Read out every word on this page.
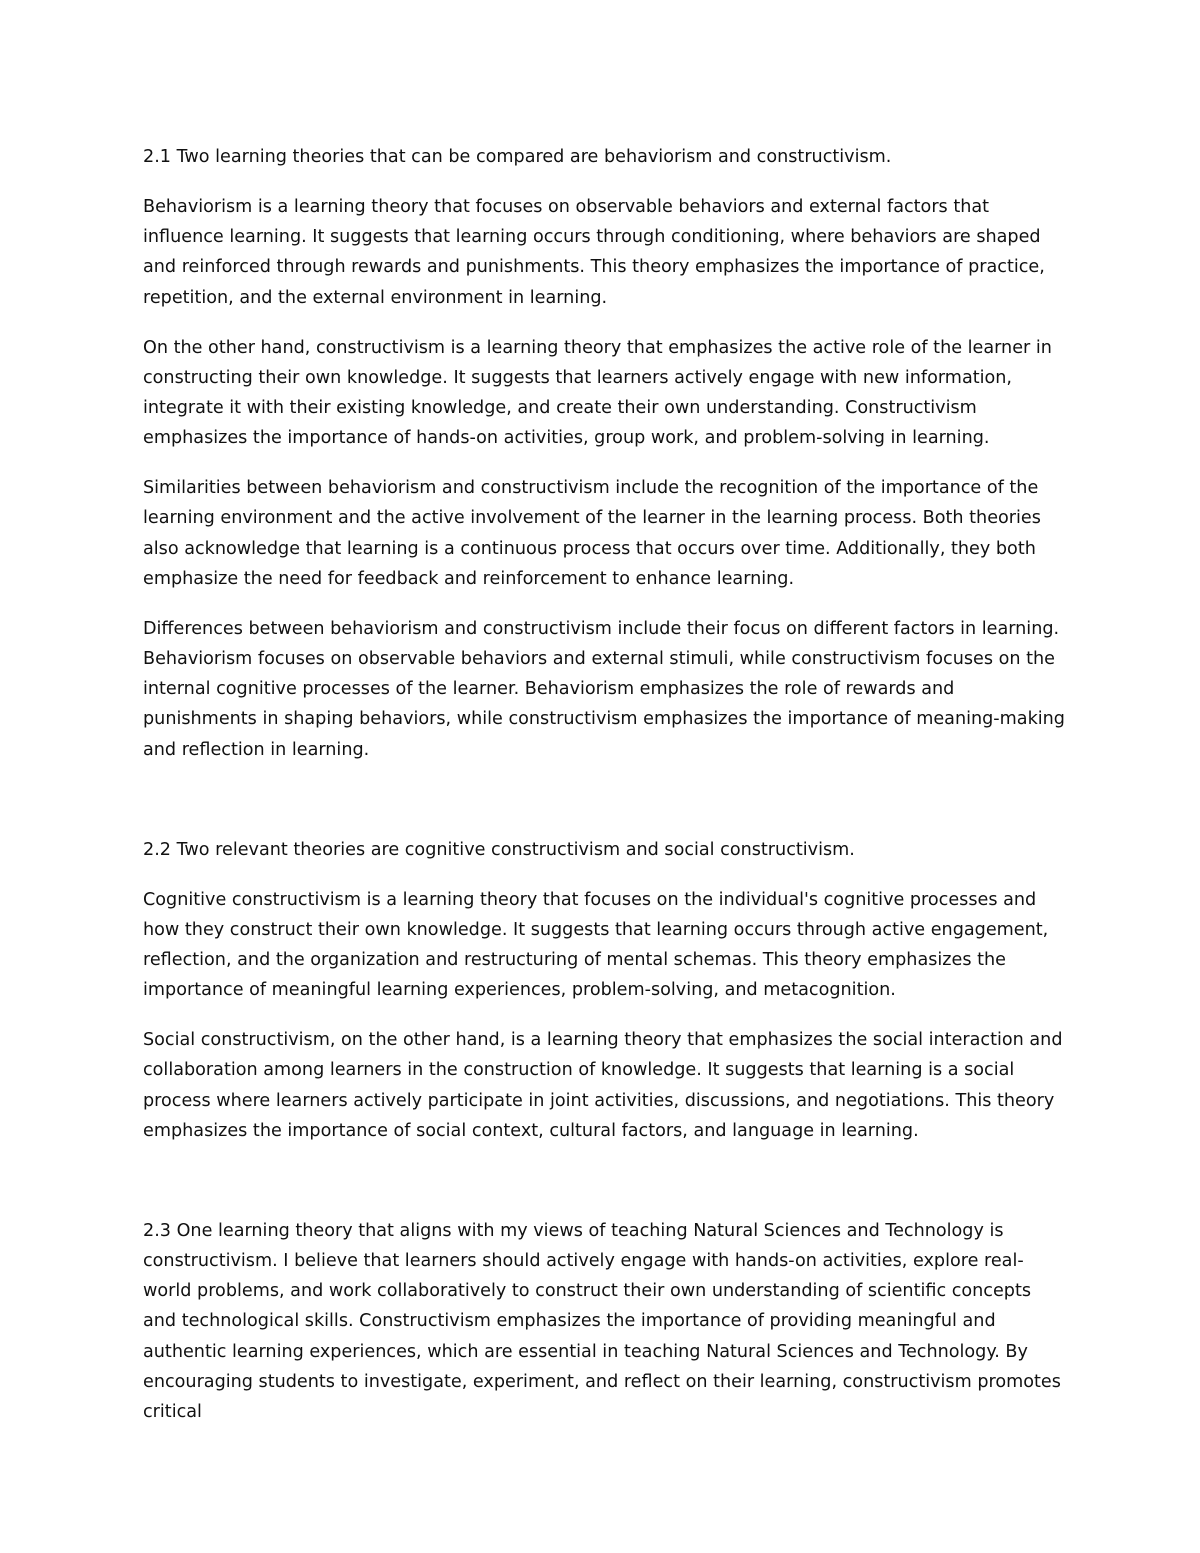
2.1 Two learning theories that can be compared are behaviorism and constructivism.

Behaviorism is a learning theory that focuses on observable behaviors and external factors that influence learning. It suggests that learning occurs through conditioning, where behaviors are shaped and reinforced through rewards and punishments. This theory emphasizes the importance of practice, repetition, and the external environment in learning.

On the other hand, constructivism is a learning theory that emphasizes the active role of the learner in constructing their own knowledge. It suggests that learners actively engage with new information, integrate it with their existing knowledge, and create their own understanding. Constructivism emphasizes the importance of hands-on activities, group work, and problem-solving in learning.

Similarities between behaviorism and constructivism include the recognition of the importance of the learning environment and the active involvement of the learner in the learning process. Both theories also acknowledge that learning is a continuous process that occurs over time. Additionally, they both emphasize the need for feedback and reinforcement to enhance learning.

Differences between behaviorism and constructivism include their focus on different factors in learning. Behaviorism focuses on observable behaviors and external stimuli, while constructivism focuses on the internal cognitive processes of the learner. Behaviorism emphasizes the role of rewards and punishments in shaping behaviors, while constructivism emphasizes the importance of meaning-making and reflection in learning.

2.2 Two relevant theories are cognitive constructivism and social constructivism.

Cognitive constructivism is a learning theory that focuses on the individual's cognitive processes and how they construct their own knowledge. It suggests that learning occurs through active engagement, reflection, and the organization and restructuring of mental schemas. This theory emphasizes the importance of meaningful learning experiences, problem-solving, and metacognition.

Social constructivism, on the other hand, is a learning theory that emphasizes the social interaction and collaboration among learners in the construction of knowledge. It suggests that learning is a social process where learners actively participate in joint activities, discussions, and negotiations. This theory emphasizes the importance of social context, cultural factors, and language in learning.

2.3 One learning theory that aligns with my views of teaching Natural Sciences and Technology is constructivism. I believe that learners should actively engage with hands-on activities, explore real-world problems, and work collaboratively to construct their own understanding of scientific concepts and technological skills. Constructivism emphasizes the importance of providing meaningful and authentic learning experiences, which are essential in teaching Natural Sciences and Technology. By encouraging students to investigate, experiment, and reflect on their learning, constructivism promotes critical
